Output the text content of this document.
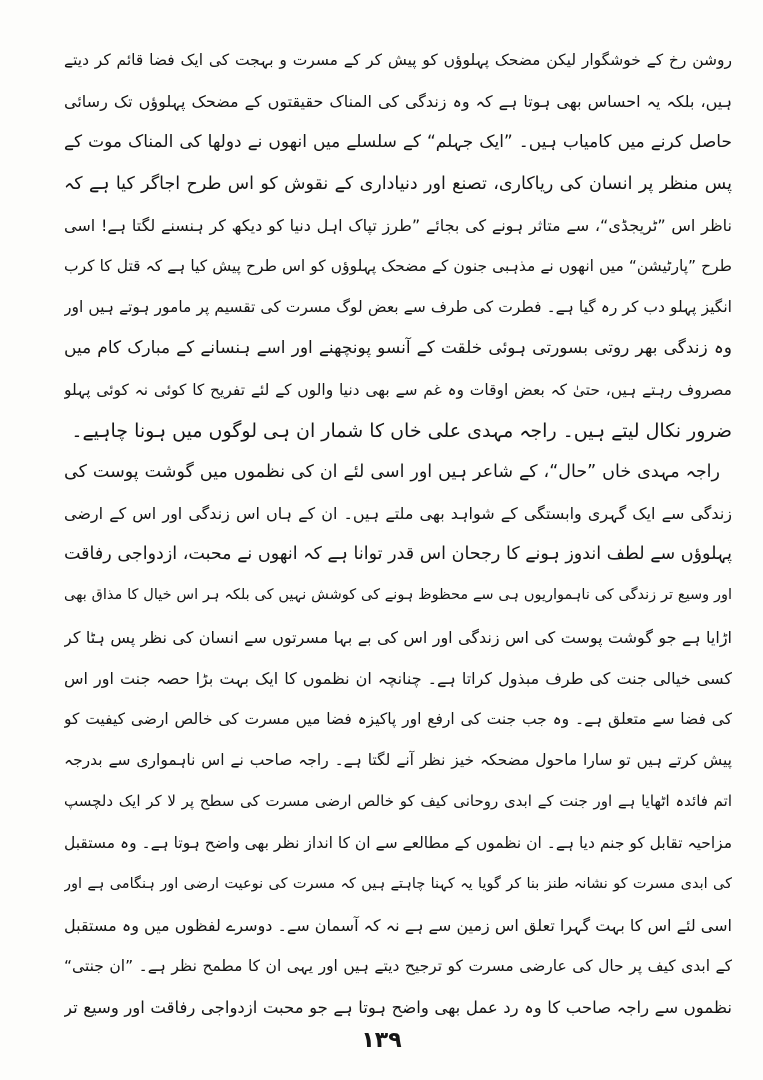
روشن رخ کے خوشگوار لیکن مضحک پہلوؤں کو پیش کر کے مسرت و بہجت کی ایک فضا قائم کر دیتے
ہیں، بلکہ یہ احساس بھی ہوتا ہے کہ وہ زندگی کی المناک حقیقتوں کے مضحک پہلوؤں تک رسائی
حاصل کرنے میں کامیاب ہیں۔ ”ایک جہلم“ کے سلسلے میں انھوں نے دولھا کی المناک موت کے
پس منظر پر انسان کی ریاکاری، تصنع اور دنیاداری کے نقوش کو اس طرح اجاگر کیا ہے کہ
ناظر اس ”ٹریجڈی“، سے متاثر ہونے کی بجائے ”طرز تپاک اہل دنیا کو دیکھ کر ہنسنے لگتا ہے! اسی
طرح ”پارٹیشن“ میں انھوں نے مذہبی جنون کے مضحک پہلوؤں کو اس طرح پیش کیا ہے کہ قتل کا کرب
انگیز پہلو دب کر رہ گیا ہے۔ فطرت کی طرف سے بعض لوگ مسرت کی تقسیم پر مامور ہوتے ہیں اور
وہ زندگی بھر روتی بسورتی ہوئی خلقت کے آنسو پونچھنے اور اسے ہنسانے کے مبارک کام میں
مصروف رہتے ہیں، حتیٰ کہ بعض اوقات وہ غم سے بھی دنیا والوں کے لئے تفریح کا کوئی نہ کوئی پہلو
ضرور نکال لیتے ہیں۔ راجہ مہدی علی خاں کا شمار ان ہی لوگوں میں ہونا چاہیے۔
راجہ مہدی خاں ”حال“، کے شاعر ہیں اور اسی لئے ان کی نظموں میں گوشت پوست کی
زندگی سے ایک گہری وابستگی کے شواہد بھی ملتے ہیں۔ ان کے ہاں اس زندگی اور اس کے ارضی
پہلوؤں سے لطف اندوز ہونے کا رجحان اس قدر توانا ہے کہ انھوں نے محبت، ازدواجی رفاقت
اور وسیع تر زندگی کی ناہمواریوں ہی سے محظوظ ہونے کی کوشش نہیں کی بلکہ ہر اس خیال کا مذاق بھی
اڑایا ہے جو گوشت پوست کی اس زندگی اور اس کی بے بہا مسرتوں سے انسان کی نظر پس ہٹا کر
کسی خیالی جنت کی طرف مبذول کراتا ہے۔ چنانچہ ان نظموں کا ایک بہت بڑا حصہ جنت اور اس
کی فضا سے متعلق ہے۔ وہ جب جنت کی ارفع اور پاکیزہ فضا میں مسرت کی خالص ارضی کیفیت کو
پیش کرتے ہیں تو سارا ماحول مضحکہ خیز نظر آنے لگتا ہے۔ راجہ صاحب نے اس ناہمواری سے بدرجہ
اتم فائدہ اٹھایا ہے اور جنت کے ابدی روحانی کیف کو خالص ارضی مسرت کی سطح پر لا کر ایک دلچسپ
مزاحیہ تقابل کو جنم دیا ہے۔ ان نظموں کے مطالعے سے ان کا انداز نظر بھی واضح ہوتا ہے۔ وہ مستقبل
کی ابدی مسرت کو نشانہ طنز بنا کر گویا یہ کہنا چاہتے ہیں کہ مسرت کی نوعیت ارضی اور ہنگامی ہے اور
اسی لئے اس کا بہت گہرا تعلق اس زمین سے ہے نہ کہ آسمان سے۔ دوسرے لفظوں میں وہ مستقبل
کے ابدی کیف پر حال کی عارضی مسرت کو ترجیح دیتے ہیں اور یہی ان کا مطمح نظر ہے۔ ”ان جنتی“
نظموں سے راجہ صاحب کا وہ رد عمل بھی واضح ہوتا ہے جو محبت ازدواجی رفاقت اور وسیع تر
۱۳۹
